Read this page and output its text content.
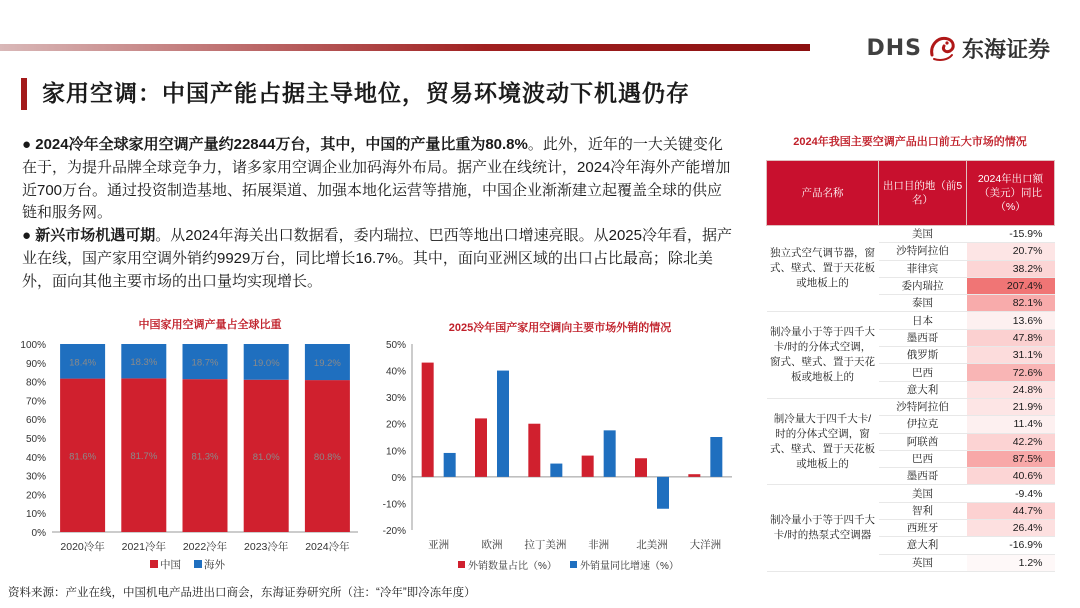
DHS 东海证券
家用空调：中国产能占据主导地位，贸易环境波动下机遇仍存

● 2024冷年全球家用空调产量约22844万台，其中，中国的产量比重为80.8%。此外，近年的一大关键变化在于，为提升品牌全球竞争力，诸多家用空调企业加码海外布局。据产业在线统计，2024冷年海外产能增加近700万台。通过投资制造基地、拓展渠道、加强本地化运营等措施，中国企业渐渐建立起覆盖全球的供应链和服务网。

● 新兴市场机遇可期。从2024年海关出口数据看，委内瑞拉、巴西等地出口增速亮眼。从2025冷年看，据产业在线，国产家用空调外销约9929万台，同比增长16.7%。其中，面向亚洲区域的出口占比最高；除北美外，面向其他主要市场的出口量均实现增长。

中国家用空调产量占全球比重
0%
10%
20%
30%
40%
50%
60%
70%
80%
90%
100%
81.6%
18.4%
2020冷年
81.7%
18.3%
2021冷年
81.3%
18.7%
2022冷年
81.0%
19.0%
2023冷年
80.8%
19.2%
2024冷年
中国 海外
2025冷年国产家用空调向主要市场外销的情况
-20%
-10%
0%
10%
20%
30%
40%
50%
亚洲	欧洲 拉丁美洲 非洲	北美洲 大洋洲
外销数量占比（%） 外销量同比增速（%）
2024年我国主要空调产品出口前五大市场的情况
产品名称	出口目的地（前5名）	2024年出口额（美元）同比（%）
独立式空气调节器，窗式、壁式、置于天花板或地板上的	美国	-15.9%
	沙特阿拉伯	20.7%
	菲律宾	38.2%
	委内瑞拉	207.4%
	泰国	82.1%
制冷量小于等于四千大卡/时的分体式空调，窗式、壁式、置于天花板或地板上的	日本	13.6%
	墨西哥	47.8%
	俄罗斯	31.1%
	巴西	72.6%
	意大利	24.8%
制冷量大于四千大卡/时的分体式空调，窗式、壁式、置于天花板或地板上的	沙特阿拉伯	21.9%
	伊拉克	11.4%
	阿联酋	42.2%
	巴西	87.5%
	墨西哥	40.6%
制冷量小于等于四千大卡/时的热泵式空调器	美国	-9.4%
	智利	44.7%
	西班牙	26.4%
	意大利	-16.9%
	英国	1.2%
资料来源：产业在线，中国机电产品进出口商会，东海证券研究所（注：“冷年”即冷冻年度）
